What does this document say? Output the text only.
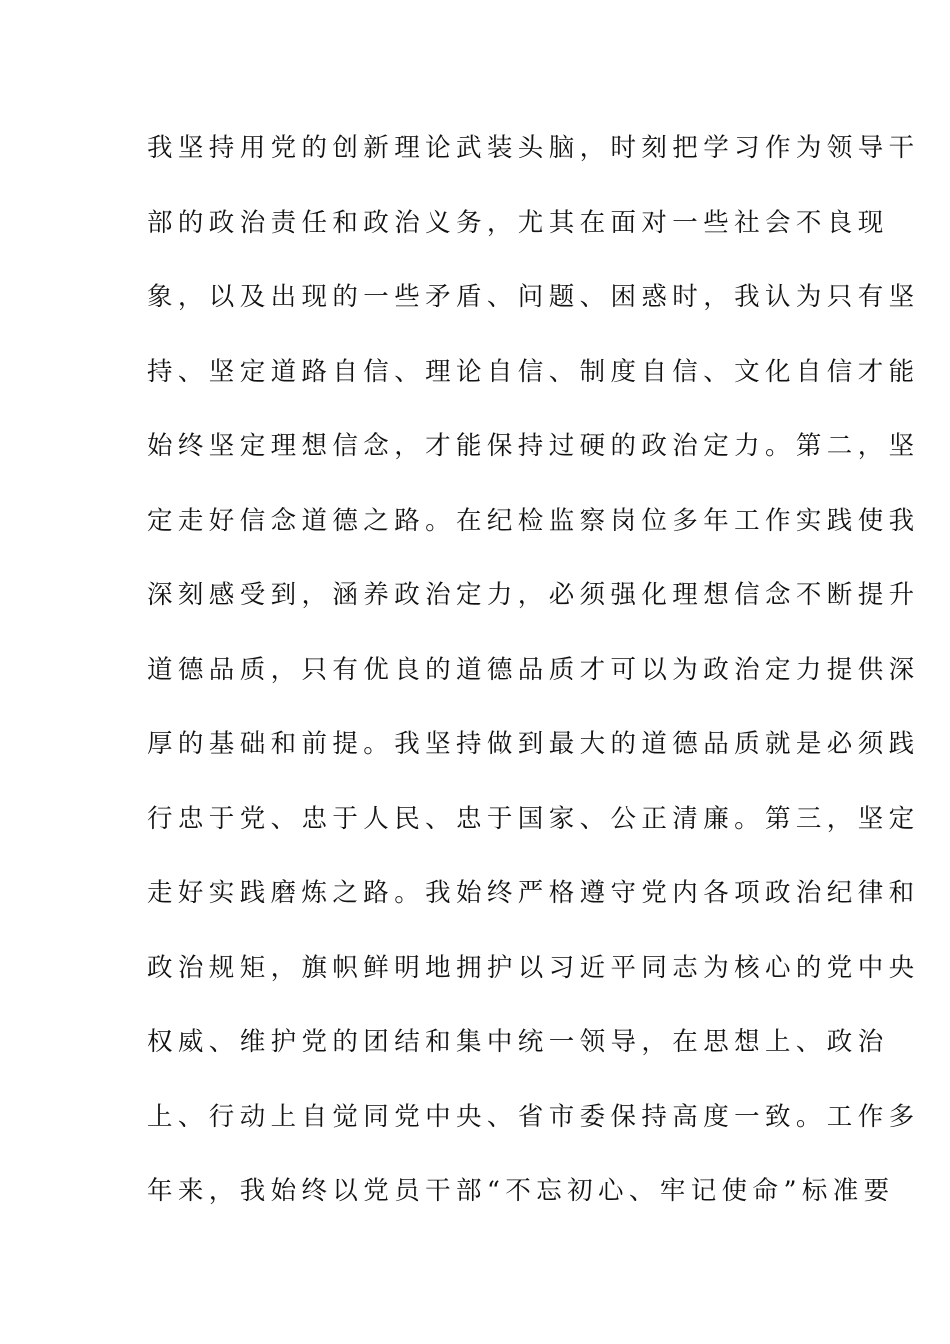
我坚持用党的创新理论武装头脑，时刻把学习作为领导干
部的政治责任和政治义务，尤其在面对一些社会不良现
象，以及出现的一些矛盾、问题、困惑时，我认为只有坚
持、坚定道路自信、理论自信、制度自信、文化自信才能
始终坚定理想信念，才能保持过硬的政治定力。第二，坚
定走好信念道德之路。在纪检监察岗位多年工作实践使我
深刻感受到，涵养政治定力，必须强化理想信念不断提升
道德品质，只有优良的道德品质才可以为政治定力提供深
厚的基础和前提。我坚持做到最大的道德品质就是必须践
行忠于党、忠于人民、忠于国家、公正清廉。第三，坚定
走好实践磨炼之路。我始终严格遵守党内各项政治纪律和
政治规矩，旗帜鲜明地拥护以习近平同志为核心的党中央
权威、维护党的团结和集中统一领导，在思想上、政治
上、行动上自觉同党中央、省市委保持高度一致。工作多
年来，我始终以党员干部“不忘初心、牢记使命”标准要
